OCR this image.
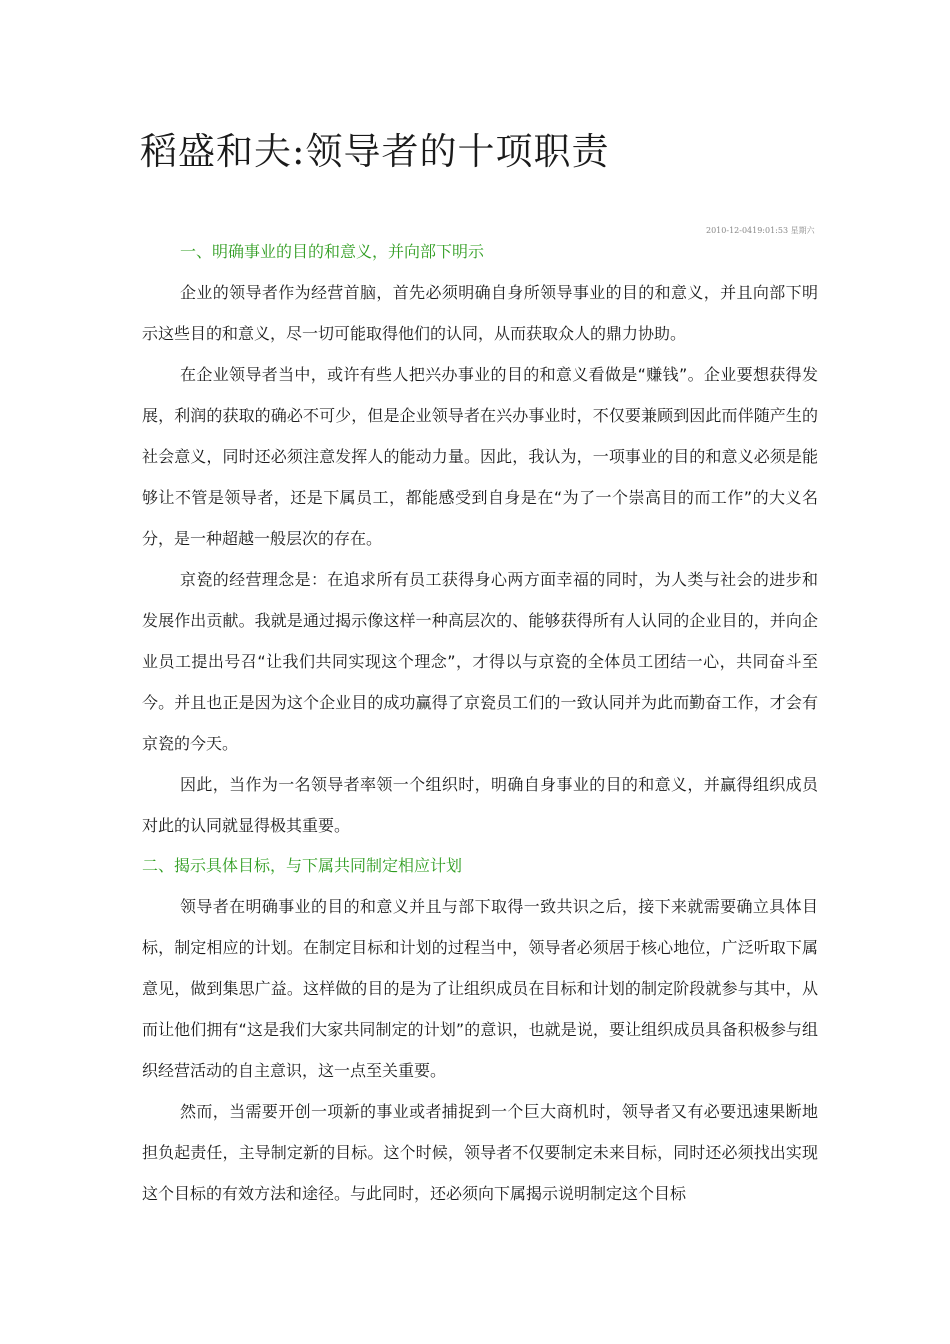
稻盛和夫:领导者的十项职责
2010-12-0419:01:53 星期六
一、明确事业的目的和意义，并向部下明示

企业的领导者作为经营首脑，首先必须明确自身所领导事业的目的和意义，并且向部下明示这些目的和意义，尽一切可能取得他们的认同，从而获取众人的鼎力协助。

在企业领导者当中，或许有些人把兴办事业的目的和意义看做是“赚钱”。企业要想获得发展，利润的获取的确必不可少，但是企业领导者在兴办事业时，不仅要兼顾到因此而伴随产生的社会意义，同时还必须注意发挥人的能动力量。因此，我认为，一项事业的目的和意义必须是能够让不管是领导者，还是下属员工，都能感受到自身是在“为了一个崇高目的而工作”的大义名分，是一种超越一般层次的存在。

京瓷的经营理念是：在追求所有员工获得身心两方面幸福的同时，为人类与社会的进步和发展作出贡献。我就是通过揭示像这样一种高层次的、能够获得所有人认同的企业目的，并向企业员工提出号召“让我们共同实现这个理念”，才得以与京瓷的全体员工团结一心，共同奋斗至今。并且也正是因为这个企业目的成功赢得了京瓷员工们的一致认同并为此而勤奋工作，才会有京瓷的今天。

因此，当作为一名领导者率领一个组织时，明确自身事业的目的和意义，并赢得组织成员对此的认同就显得极其重要。

二、揭示具体目标，与下属共同制定相应计划

领导者在明确事业的目的和意义并且与部下取得一致共识之后，接下来就需要确立具体目标，制定相应的计划。在制定目标和计划的过程当中，领导者必须居于核心地位，广泛听取下属意见，做到集思广益。这样做的目的是为了让组织成员在目标和计划的制定阶段就参与其中，从而让他们拥有“这是我们大家共同制定的计划”的意识，也就是说，要让组织成员具备积极参与组织经营活动的自主意识，这一点至关重要。

然而，当需要开创一项新的事业或者捕捉到一个巨大商机时，领导者又有必要迅速果断地担负起责任，主导制定新的目标。这个时候，领导者不仅要制定未来目标，同时还必须找出实现这个目标的有效方法和途径。与此同时，还必须向下属揭示说明制定这个目标
